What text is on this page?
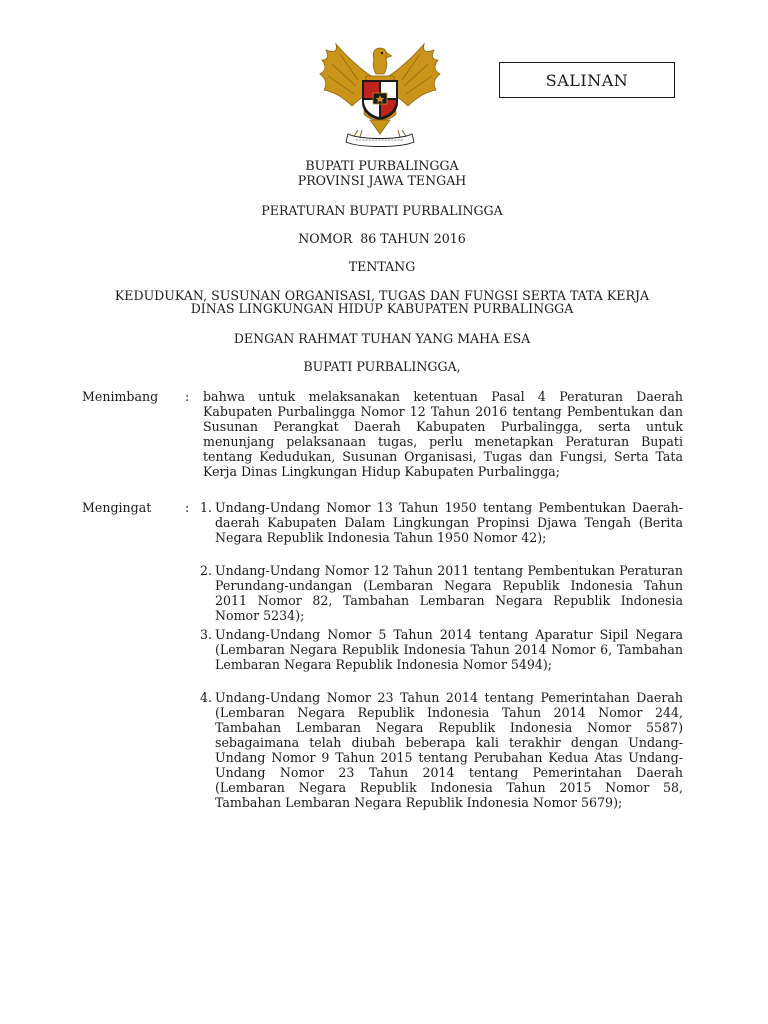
SALINAN
BUPATI PURBALINGGA
PROVINSI JAWA TENGAH
PERATURAN BUPATI PURBALINGGA
NOMOR  86 TAHUN 2016
TENTANG
KEDUDUKAN, SUSUNAN ORGANISASI, TUGAS DAN FUNGSI SERTA TATA KERJA
DINAS LINGKUNGAN HIDUP KABUPATEN PURBALINGGA
DENGAN RAHMAT TUHAN YANG MAHA ESA
BUPATI PURBALINGGA,
Menimbang : bahwa untuk melaksanakan ketentuan Pasal 4 Peraturan Daerah Kabupaten Purbalingga Nomor 12 Tahun 2016 tentang Pembentukan dan Susunan Perangkat Daerah Kabupaten Purbalingga, serta untuk menunjang pelaksanaan tugas, perlu menetapkan Peraturan Bupati tentang Kedudukan, Susunan Organisasi, Tugas dan Fungsi, Serta Tata Kerja Dinas Lingkungan Hidup Kabupaten Purbalingga;
Mengingat	: 1. Undang-Undang Nomor 13 Tahun 1950 tentang Pembentukan Daerah-daerah Kabupaten Dalam Lingkungan Propinsi Djawa Tengah (Berita Negara Republik Indonesia Tahun 1950 Nomor 42);
2. Undang-Undang Nomor 12 Tahun 2011 tentang Pembentukan Peraturan Perundang-undangan (Lembaran Negara Republik Indonesia Tahun 2011 Nomor 82, Tambahan Lembaran Negara Republik Indonesia Nomor 5234);
3. Undang-Undang Nomor 5 Tahun 2014 tentang Aparatur Sipil Negara (Lembaran Negara Republik Indonesia Tahun 2014 Nomor 6, Tambahan Lembaran Negara Republik Indonesia Nomor 5494);
4. Undang-Undang Nomor 23 Tahun 2014 tentang Pemerintahan Daerah (Lembaran Negara Republik Indonesia Tahun 2014 Nomor 244, Tambahan Lembaran Negara Republik Indonesia Nomor 5587) sebagaimana telah diubah beberapa kali terakhir dengan Undang-Undang Nomor 9 Tahun 2015 tentang Perubahan Kedua Atas Undang-Undang Nomor 23 Tahun 2014 tentang Pemerintahan Daerah (Lembaran Negara Republik Indonesia Tahun 2015 Nomor 58, Tambahan Lembaran Negara Republik Indonesia Nomor 5679);
